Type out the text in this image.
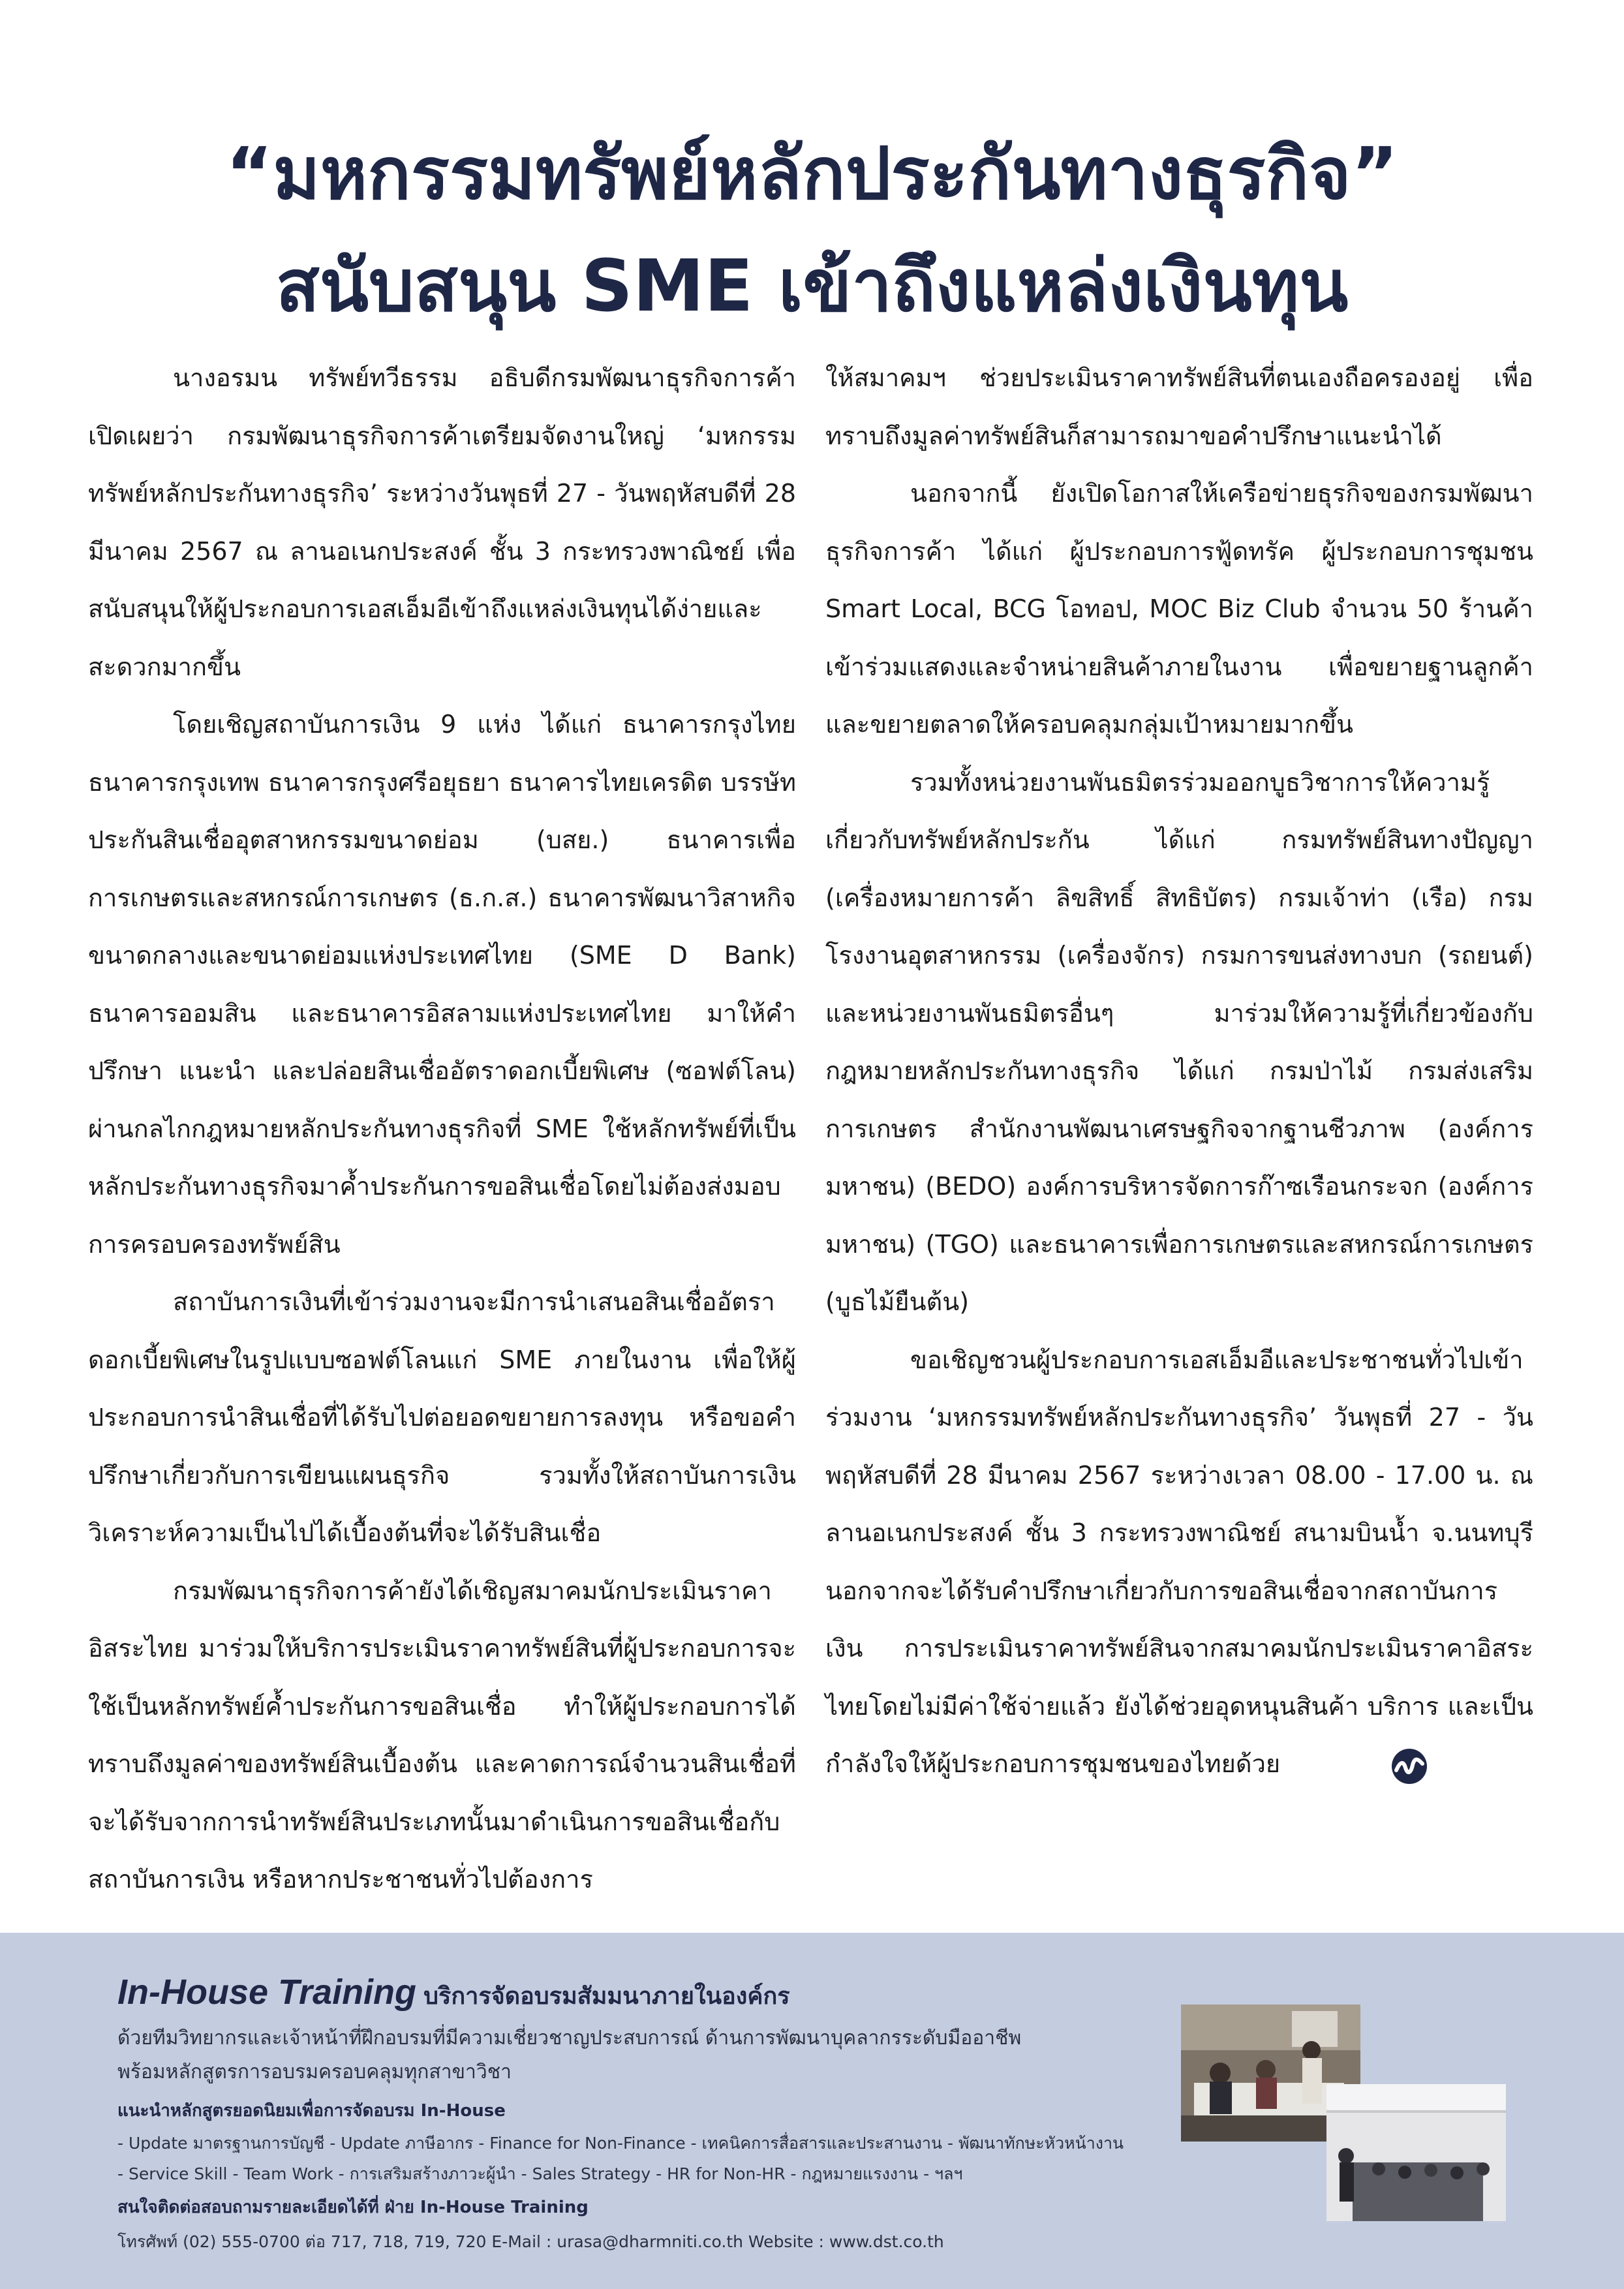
“มหกรรมทรัพย์หลักประกันทางธุรกิจ”
สนับสนุน SME เข้าถึงแหล่งเงินทุน

นางอรมน ทรัพย์ทวีธรรม อธิบดีกรมพัฒนาธุรกิจการค้า เปิดเผยว่า กรมพัฒนาธุรกิจการค้าเตรียมจัดงานใหญ่ ‘มหกรรมทรัพย์หลักประกันทางธุรกิจ’ ระหว่างวันพุธที่ 27 - วันพฤหัสบดีที่ 28 มีนาคม 2567 ณ ลานอเนกประสงค์ ชั้น 3 กระทรวงพาณิชย์ เพื่อสนับสนุนให้ผู้ประกอบการเอสเอ็มอีเข้าถึงแหล่งเงินทุนได้ง่ายและสะดวกมากขึ้น

โดยเชิญสถาบันการเงิน 9 แห่ง ได้แก่ ธนาคารกรุงไทย ธนาคารกรุงเทพ ธนาคารกรุงศรีอยุธยา ธนาคารไทยเครดิต บรรษัทประกันสินเชื่ออุตสาหกรรมขนาดย่อม (บสย.) ธนาคารเพื่อการเกษตรและสหกรณ์การเกษตร (ธ.ก.ส.) ธนาคารพัฒนาวิสาหกิจขนาดกลางและขนาดย่อมแห่งประเทศไทย (SME D Bank) ธนาคารออมสิน และธนาคารอิสลามแห่งประเทศไทย มาให้คำปรึกษา แนะนำ และปล่อยสินเชื่ออัตราดอกเบี้ยพิเศษ (ซอฟต์โลน) ผ่านกลไกกฎหมายหลักประกันทางธุรกิจที่ SME ใช้หลักทรัพย์ที่เป็นหลักประกันทางธุรกิจมาค้ำประกันการขอสินเชื่อโดยไม่ต้องส่งมอบการครอบครองทรัพย์สิน

สถาบันการเงินที่เข้าร่วมงานจะมีการนำเสนอสินเชื่ออัตราดอกเบี้ยพิเศษในรูปแบบซอฟต์โลนแก่ SME ภายในงาน เพื่อให้ผู้ประกอบการนำสินเชื่อที่ได้รับไปต่อยอดขยายการลงทุน หรือขอคำปรึกษาเกี่ยวกับการเขียนแผนธุรกิจ รวมทั้งให้สถาบันการเงินวิเคราะห์ความเป็นไปได้เบื้องต้นที่จะได้รับสินเชื่อ

กรมพัฒนาธุรกิจการค้ายังได้เชิญสมาคมนักประเมินราคาอิสระไทย มาร่วมให้บริการประเมินราคาทรัพย์สินที่ผู้ประกอบการจะใช้เป็นหลักทรัพย์ค้ำประกันการขอสินเชื่อ ทำให้ผู้ประกอบการได้ทราบถึงมูลค่าของทรัพย์สินเบื้องต้น และคาดการณ์จำนวนสินเชื่อที่จะได้รับจากการนำทรัพย์สินประเภทนั้นมาดำเนินการขอสินเชื่อกับสถาบันการเงิน หรือหากประชาชนทั่วไปต้องการ

ให้สมาคมฯ ช่วยประเมินราคาทรัพย์สินที่ตนเองถือครองอยู่ เพื่อทราบถึงมูลค่าทรัพย์สินก็สามารถมาขอคำปรึกษาแนะนำได้

นอกจากนี้ ยังเปิดโอกาสให้เครือข่ายธุรกิจของกรมพัฒนาธุรกิจการค้า ได้แก่ ผู้ประกอบการฟู้ดทรัค ผู้ประกอบการชุมชน Smart Local, BCG โอทอป, MOC Biz Club จำนวน 50 ร้านค้า เข้าร่วมแสดงและจำหน่ายสินค้าภายในงาน เพื่อขยายฐานลูกค้าและขยายตลาดให้ครอบคลุมกลุ่มเป้าหมายมากขึ้น

รวมทั้งหน่วยงานพันธมิตรร่วมออกบูธวิชาการให้ความรู้เกี่ยวกับทรัพย์หลักประกัน ได้แก่ กรมทรัพย์สินทางปัญญา (เครื่องหมายการค้า ลิขสิทธิ์ สิทธิบัตร) กรมเจ้าท่า (เรือ) กรมโรงงานอุตสาหกรรม (เครื่องจักร) กรมการขนส่งทางบก (รถยนต์) และหน่วยงานพันธมิตรอื่นๆ มาร่วมให้ความรู้ที่เกี่ยวข้องกับกฎหมายหลักประกันทางธุรกิจ ได้แก่ กรมป่าไม้ กรมส่งเสริมการเกษตร สำนักงานพัฒนาเศรษฐกิจจากฐานชีวภาพ (องค์การมหาชน) (BEDO) องค์การบริหารจัดการก๊าซเรือนกระจก (องค์การมหาชน) (TGO) และธนาคารเพื่อการเกษตรและสหกรณ์การเกษตร (บูธไม้ยืนต้น)

ขอเชิญชวนผู้ประกอบการเอสเอ็มอีและประชาชนทั่วไปเข้าร่วมงาน ‘มหกรรมทรัพย์หลักประกันทางธุรกิจ’ วันพุธที่ 27 - วันพฤหัสบดีที่ 28 มีนาคม 2567 ระหว่างเวลา 08.00 - 17.00 น. ณ ลานอเนกประสงค์ ชั้น 3 กระทรวงพาณิชย์ สนามบินน้ำ จ.นนทบุรี นอกจากจะได้รับคำปรึกษาเกี่ยวกับการขอสินเชื่อจากสถาบันการเงิน การประเมินราคาทรัพย์สินจากสมาคมนักประเมินราคาอิสระไทยโดยไม่มีค่าใช้จ่ายแล้ว ยังได้ช่วยอุดหนุนสินค้า บริการ และเป็นกำลังใจให้ผู้ประกอบการชุมชนของไทยด้วย

In-House Training บริการจัดอบรมสัมมนาภายในองค์กร
ด้วยทีมวิทยากรและเจ้าหน้าที่ฝึกอบรมที่มีความเชี่ยวชาญประสบการณ์ ด้านการพัฒนาบุคลากรระดับมืออาชีพ
พร้อมหลักสูตรการอบรมครอบคลุมทุกสาขาวิชา
แนะนำหลักสูตรยอดนิยมเพื่อการจัดอบรม In-House
- Update มาตรฐานการบัญชี - Update ภาษีอากร - Finance for Non-Finance - เทคนิคการสื่อสารและประสานงาน - พัฒนาทักษะหัวหน้างาน
- Service Skill - Team Work - การเสริมสร้างภาวะผู้นำ - Sales Strategy - HR for Non-HR - กฎหมายแรงงาน - ฯลฯ
สนใจติดต่อสอบถามรายละเอียดได้ที่ ฝ่าย In-House Training
โทรศัพท์ (02) 555-0700 ต่อ 717, 718, 719, 720 E-Mail : urasa@dharmniti.co.th Website : www.dst.co.th
